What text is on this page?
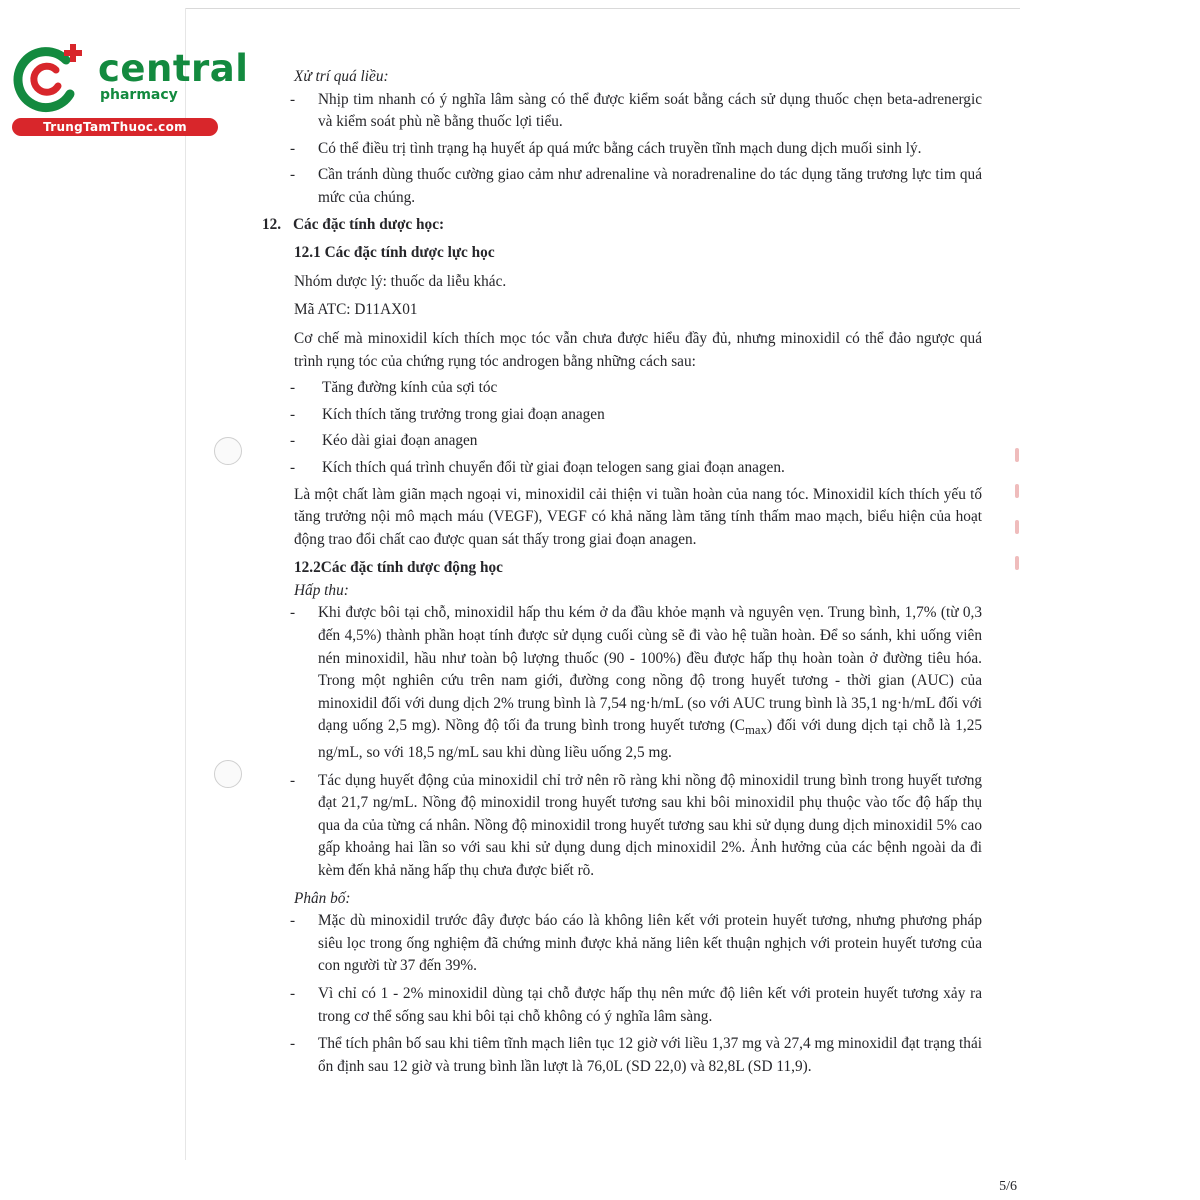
central
pharmacy
TrungTamThuoc.com

Xử trí quá liều:

- Nhịp tim nhanh có ý nghĩa lâm sàng có thể được kiểm soát bằng cách sử dụng thuốc chẹn beta-adrenergic và kiểm soát phù nề bằng thuốc lợi tiểu.
- Có thể điều trị tình trạng hạ huyết áp quá mức bằng cách truyền tĩnh mạch dung dịch muối sinh lý.
- Cần tránh dùng thuốc cường giao cảm như adrenaline và noradrenaline do tác dụng tăng trương lực tim quá mức của chúng.

12. Các đặc tính dược học:

12.1 Các đặc tính dược lực học

Nhóm dược lý: thuốc da liễu khác.

Mã ATC: D11AX01

Cơ chế mà minoxidil kích thích mọc tóc vẫn chưa được hiểu đầy đủ, nhưng minoxidil có thể đảo ngược quá trình rụng tóc của chứng rụng tóc androgen bằng những cách sau:

- Tăng đường kính của sợi tóc
- Kích thích tăng trưởng trong giai đoạn anagen
- Kéo dài giai đoạn anagen
- Kích thích quá trình chuyển đổi từ giai đoạn telogen sang giai đoạn anagen.

Là một chất làm giãn mạch ngoại vi, minoxidil cải thiện vi tuần hoàn của nang tóc. Minoxidil kích thích yếu tố tăng trưởng nội mô mạch máu (VEGF), VEGF có khả năng làm tăng tính thấm mao mạch, biểu hiện của hoạt động trao đổi chất cao được quan sát thấy trong giai đoạn anagen.

12.2Các đặc tính dược động học

Hấp thu:

- Khi được bôi tại chỗ, minoxidil hấp thu kém ở da đầu khỏe mạnh và nguyên vẹn. Trung bình, 1,7% (từ 0,3 đến 4,5%) thành phần hoạt tính được sử dụng cuối cùng sẽ đi vào hệ tuần hoàn. Để so sánh, khi uống viên nén minoxidil, hầu như toàn bộ lượng thuốc (90 - 100%) đều được hấp thụ hoàn toàn ở đường tiêu hóa. Trong một nghiên cứu trên nam giới, đường cong nồng độ trong huyết tương - thời gian (AUC) của minoxidil đối với dung dịch 2% trung bình là 7,54 ng·h/mL (so với AUC trung bình là 35,1 ng·h/mL đối với dạng uống 2,5 mg). Nồng độ tối đa trung bình trong huyết tương $(C_{max})$ đối với dung dịch tại chỗ là 1,25 ng/mL, so với 18,5 ng/mL sau khi dùng liều uống 2,5 mg.
- Tác dụng huyết động của minoxidil chỉ trở nên rõ ràng khi nồng độ minoxidil trung bình trong huyết tương đạt 21,7 ng/mL. Nồng độ minoxidil trong huyết tương sau khi bôi minoxidil phụ thuộc vào tốc độ hấp thụ qua da của từng cá nhân. Nồng độ minoxidil trong huyết tương sau khi sử dụng dung dịch minoxidil 5% cao gấp khoảng hai lần so với sau khi sử dụng dung dịch minoxidil 2%. Ảnh hưởng của các bệnh ngoài da đi kèm đến khả năng hấp thụ chưa được biết rõ.

Phân bố:

- Mặc dù minoxidil trước đây được báo cáo là không liên kết với protein huyết tương, nhưng phương pháp siêu lọc trong ống nghiệm đã chứng minh được khả năng liên kết thuận nghịch với protein huyết tương của con người từ 37 đến 39%.
- Vì chỉ có 1 - 2% minoxidil dùng tại chỗ được hấp thụ nên mức độ liên kết với protein huyết tương xảy ra trong cơ thể sống sau khi bôi tại chỗ không có ý nghĩa lâm sàng.
- Thể tích phân bố sau khi tiêm tĩnh mạch liên tục 12 giờ với liều 1,37 mg và 27,4 mg minoxidil đạt trạng thái ổn định sau 12 giờ và trung bình lần lượt là 76,0L (SD 22,0) và 82,8L (SD 11,9).
5/6
